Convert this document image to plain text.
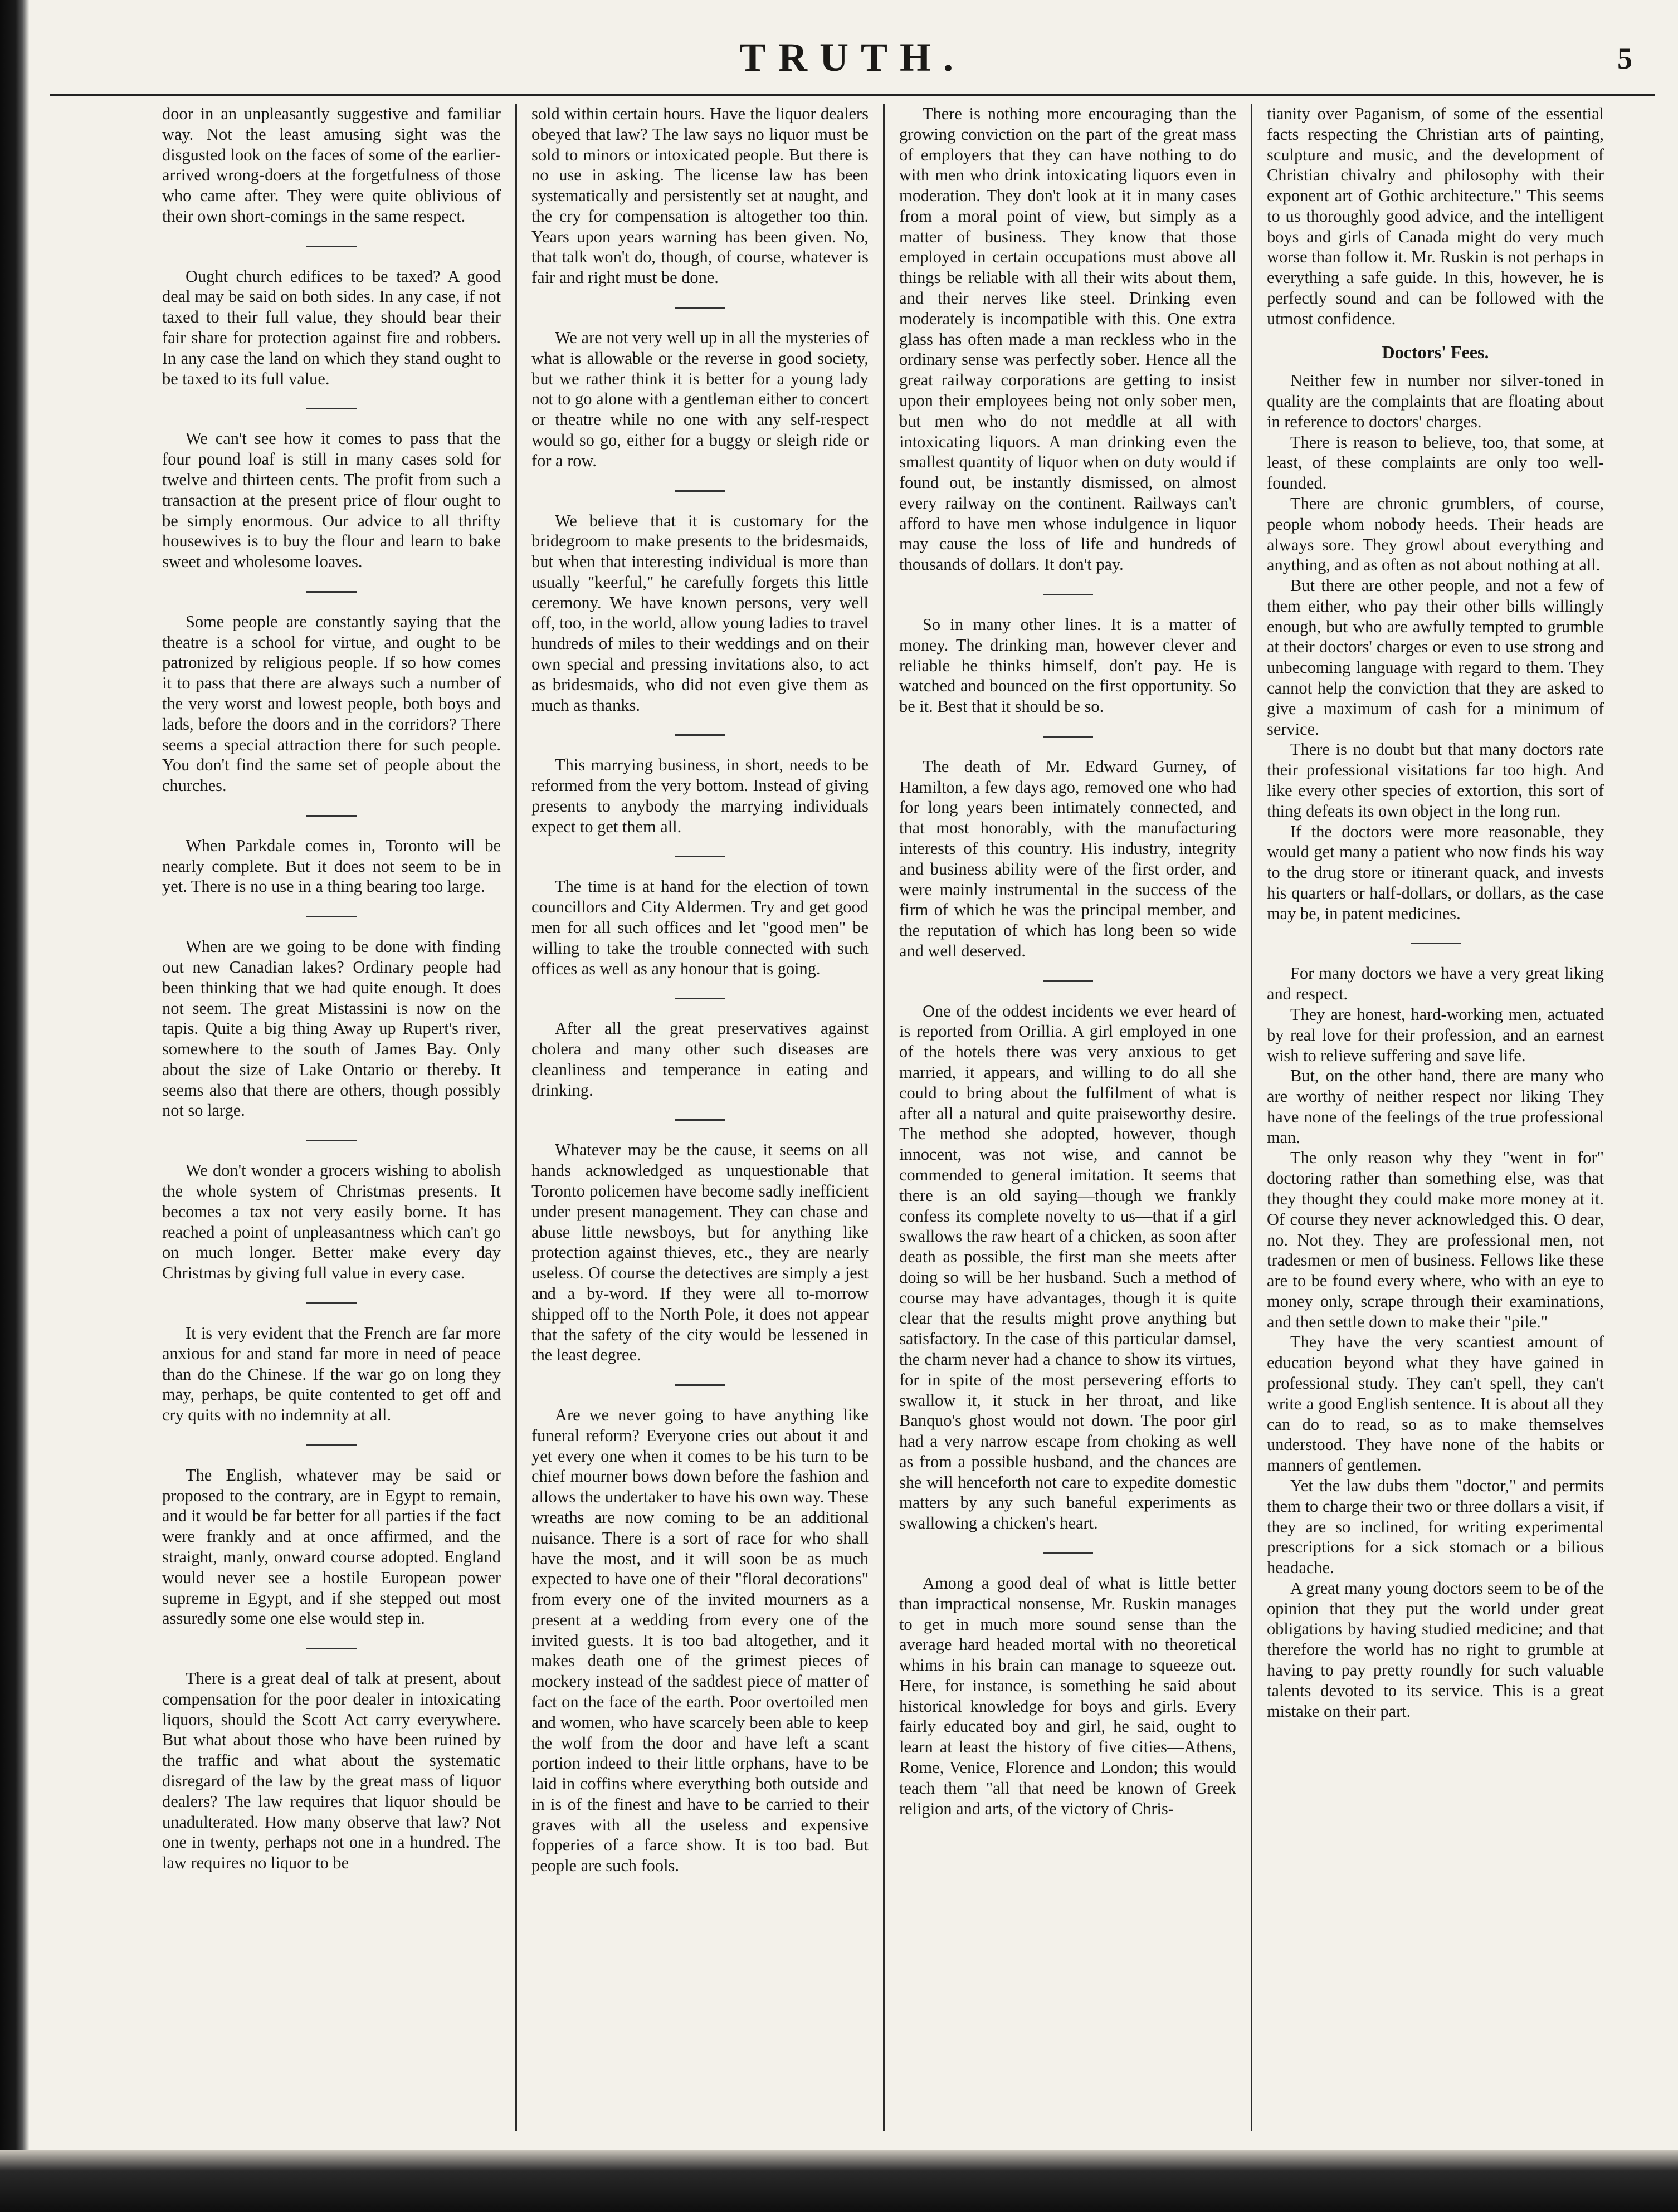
TRUTH.	5

door in an unpleasantly suggestive and familiar way. Not the least amusing sight was the disgusted look on the faces of some of the earlier-arrived wrong-doers at the forgetfulness of those who came after. They were quite oblivious of their own short-comings in the same respect.

Ought church edifices to be taxed? A good deal may be said on both sides. In any case, if not taxed to their full value, they should bear their fair share for protection against fire and robbers. In any case the land on which they stand ought to be taxed to its full value.

We can't see how it comes to pass that the four pound loaf is still in many cases sold for twelve and thirteen cents. The profit from such a transaction at the present price of flour ought to be simply enormous. Our advice to all thrifty housewives is to buy the flour and learn to bake sweet and wholesome loaves.

Some people are constantly saying that the theatre is a school for virtue, and ought to be patronized by religious people. If so how comes it to pass that there are always such a number of the very worst and lowest people, both boys and lads, before the doors and in the corridors? There seems a special attraction there for such people. You don't find the same set of people about the churches.

When Parkdale comes in, Toronto will be nearly complete. But it does not seem to be in yet. There is no use in a thing bearing too large.

When are we going to be done with finding out new Canadian lakes? Ordinary people had been thinking that we had quite enough. It does not seem. The great Mistassini is now on the tapis. Quite a big thing Away up Rupert's river, somewhere to the south of James Bay. Only about the size of Lake Ontario or thereby. It seems also that there are others, though possibly not so large.

We don't wonder a grocers wishing to abolish the whole system of Christmas presents. It becomes a tax not very easily borne. It has reached a point of unpleasantness which can't go on much longer. Better make every day Christmas by giving full value in every case.

It is very evident that the French are far more anxious for and stand far more in need of peace than do the Chinese. If the war go on long they may, perhaps, be quite contented to get off and cry quits with no indemnity at all.

The English, whatever may be said or proposed to the contrary, are in Egypt to remain, and it would be far better for all parties if the fact were frankly and at once affirmed, and the straight, manly, onward course adopted. England would never see a hostile European power supreme in Egypt, and if she stepped out most assuredly some one else would step in.

There is a great deal of talk at present, about compensation for the poor dealer in intoxicating liquors, should the Scott Act carry everywhere. But what about those who have been ruined by the traffic and what about the systematic disregard of the law by the great mass of liquor dealers? The law requires that liquor should be unadulterated. How many observe that law? Not one in twenty, perhaps not one in a hundred. The law requires no liquor to be

sold within certain hours. Have the liquor dealers obeyed that law? The law says no liquor must be sold to minors or intoxicated people. But there is no use in asking. The license law has been systematically and persistently set at naught, and the cry for compensation is altogether too thin. Years upon years warning has been given. No, that talk won't do, though, of course, whatever is fair and right must be done.

We are not very well up in all the mysteries of what is allowable or the reverse in good society, but we rather think it is better for a young lady not to go alone with a gentleman either to concert or theatre while no one with any self-respect would so go, either for a buggy or sleigh ride or for a row.

We believe that it is customary for the bridegroom to make presents to the bridesmaids, but when that interesting individual is more than usually "keerful," he carefully forgets this little ceremony. We have known persons, very well off, too, in the world, allow young ladies to travel hundreds of miles to their weddings and on their own special and pressing invitations also, to act as bridesmaids, who did not even give them as much as thanks.

This marrying business, in short, needs to be reformed from the very bottom. Instead of giving presents to anybody the marrying individuals expect to get them all.

The time is at hand for the election of town councillors and City Aldermen. Try and get good men for all such offices and let "good men" be willing to take the trouble connected with such offices as well as any honour that is going.

After all the great preservatives against cholera and many other such diseases are cleanliness and temperance in eating and drinking.

Whatever may be the cause, it seems on all hands acknowledged as unquestionable that Toronto policemen have become sadly inefficient under present management. They can chase and abuse little newsboys, but for anything like protection against thieves, etc., they are nearly useless. Of course the detectives are simply a jest and a by-word. If they were all to-morrow shipped off to the North Pole, it does not appear that the safety of the city would be lessened in the least degree.

Are we never going to have anything like funeral reform? Everyone cries out about it and yet every one when it comes to be his turn to be chief mourner bows down before the fashion and allows the undertaker to have his own way. These wreaths are now coming to be an additional nuisance. There is a sort of race for who shall have the most, and it will soon be as much expected to have one of their "floral decorations" from every one of the invited mourners as a present at a wedding from every one of the invited guests. It is too bad altogether, and it makes death one of the grimest pieces of mockery instead of the saddest piece of matter of fact on the face of the earth. Poor overtoiled men and women, who have scarcely been able to keep the wolf from the door and have left a scant portion indeed to their little orphans, have to be laid in coffins where everything both outside and in is of the finest and have to be carried to their graves with all the useless and expensive fopperies of a farce show. It is too bad. But people are such fools.

There is nothing more encouraging than the growing conviction on the part of the great mass of employers that they can have nothing to do with men who drink intoxicating liquors even in moderation. They don't look at it in many cases from a moral point of view, but simply as a matter of business. They know that those employed in certain occupations must above all things be reliable with all their wits about them, and their nerves like steel. Drinking even moderately is incompatible with this. One extra glass has often made a man reckless who in the ordinary sense was perfectly sober. Hence all the great railway corporations are getting to insist upon their employees being not only sober men, but men who do not meddle at all with intoxicating liquors. A man drinking even the smallest quantity of liquor when on duty would if found out, be instantly dismissed, on almost every railway on the continent. Railways can't afford to have men whose indulgence in liquor may cause the loss of life and hundreds of thousands of dollars. It don't pay.

So in many other lines. It is a matter of money. The drinking man, however clever and reliable he thinks himself, don't pay. He is watched and bounced on the first opportunity. So be it. Best that it should be so.

The death of Mr. Edward Gurney, of Hamilton, a few days ago, removed one who had for long years been intimately connected, and that most honorably, with the manufacturing interests of this country. His industry, integrity and business ability were of the first order, and were mainly instrumental in the success of the firm of which he was the principal member, and the reputation of which has long been so wide and well deserved.

One of the oddest incidents we ever heard of is reported from Orillia. A girl employed in one of the hotels there was very anxious to get married, it appears, and willing to do all she could to bring about the fulfilment of what is after all a natural and quite praiseworthy desire. The method she adopted, however, though innocent, was not wise, and cannot be commended to general imitation. It seems that there is an old saying—though we frankly confess its complete novelty to us—that if a girl swallows the raw heart of a chicken, as soon after death as possible, the first man she meets after doing so will be her husband. Such a method of course may have advantages, though it is quite clear that the results might prove anything but satisfactory. In the case of this particular damsel, the charm never had a chance to show its virtues, for in spite of the most persevering efforts to swallow it, it stuck in her throat, and like Banquo's ghost would not down. The poor girl had a very narrow escape from choking as well as from a possible husband, and the chances are she will henceforth not care to expedite domestic matters by any such baneful experiments as swallowing a chicken's heart.

Among a good deal of what is little better than impractical nonsense, Mr. Ruskin manages to get in much more sound sense than the average hard headed mortal with no theoretical whims in his brain can manage to squeeze out. Here, for instance, is something he said about historical knowledge for boys and girls. Every fairly educated boy and girl, he said, ought to learn at least the history of five cities—Athens, Rome, Venice, Florence and London; this would teach them "all that need be known of Greek religion and arts, of the victory of Chris-

tianity over Paganism, of some of the essential facts respecting the Christian arts of painting, sculpture and music, and the development of Christian chivalry and philosophy with their exponent art of Gothic architecture." This seems to us thoroughly good advice, and the intelligent boys and girls of Canada might do very much worse than follow it. Mr. Ruskin is not perhaps in everything a safe guide. In this, however, he is perfectly sound and can be followed with the utmost confidence.

Doctors' Fees.

Neither few in number nor silver-toned in quality are the complaints that are floating about in reference to doctors' charges.

There is reason to believe, too, that some, at least, of these complaints are only too well-founded.

There are chronic grumblers, of course, people whom nobody heeds. Their heads are always sore. They growl about everything and anything, and as often as not about nothing at all.

But there are other people, and not a few of them either, who pay their other bills willingly enough, but who are awfully tempted to grumble at their doctors' charges or even to use strong and unbecoming language with regard to them. They cannot help the conviction that they are asked to give a maximum of cash for a minimum of service.

There is no doubt but that many doctors rate their professional visitations far too high. And like every other species of extortion, this sort of thing defeats its own object in the long run.

If the doctors were more reasonable, they would get many a patient who now finds his way to the drug store or itinerant quack, and invests his quarters or half-dollars, or dollars, as the case may be, in patent medicines.

For many doctors we have a very great liking and respect.

They are honest, hard-working men, actuated by real love for their profession, and an earnest wish to relieve suffering and save life.

But, on the other hand, there are many who are worthy of neither respect nor liking They have none of the feelings of the true professional man.

The only reason why they "went in for" doctoring rather than something else, was that they thought they could make more money at it. Of course they never acknowledged this. O dear, no. Not they. They are professional men, not tradesmen or men of business. Fellows like these are to be found every where, who with an eye to money only, scrape through their examinations, and then settle down to make their "pile."

They have the very scantiest amount of education beyond what they have gained in professional study. They can't spell, they can't write a good English sentence. It is about all they can do to read, so as to make themselves understood. They have none of the habits or manners of gentlemen.

Yet the law dubs them "doctor," and permits them to charge their two or three dollars a visit, if they are so inclined, for writing experimental prescriptions for a sick stomach or a bilious headache.

A great many young doctors seem to be of the opinion that they put the world under great obligations by having studied medicine; and that therefore the world has no right to grumble at having to pay pretty roundly for such valuable talents devoted to its service. This is a great mistake on their part.
